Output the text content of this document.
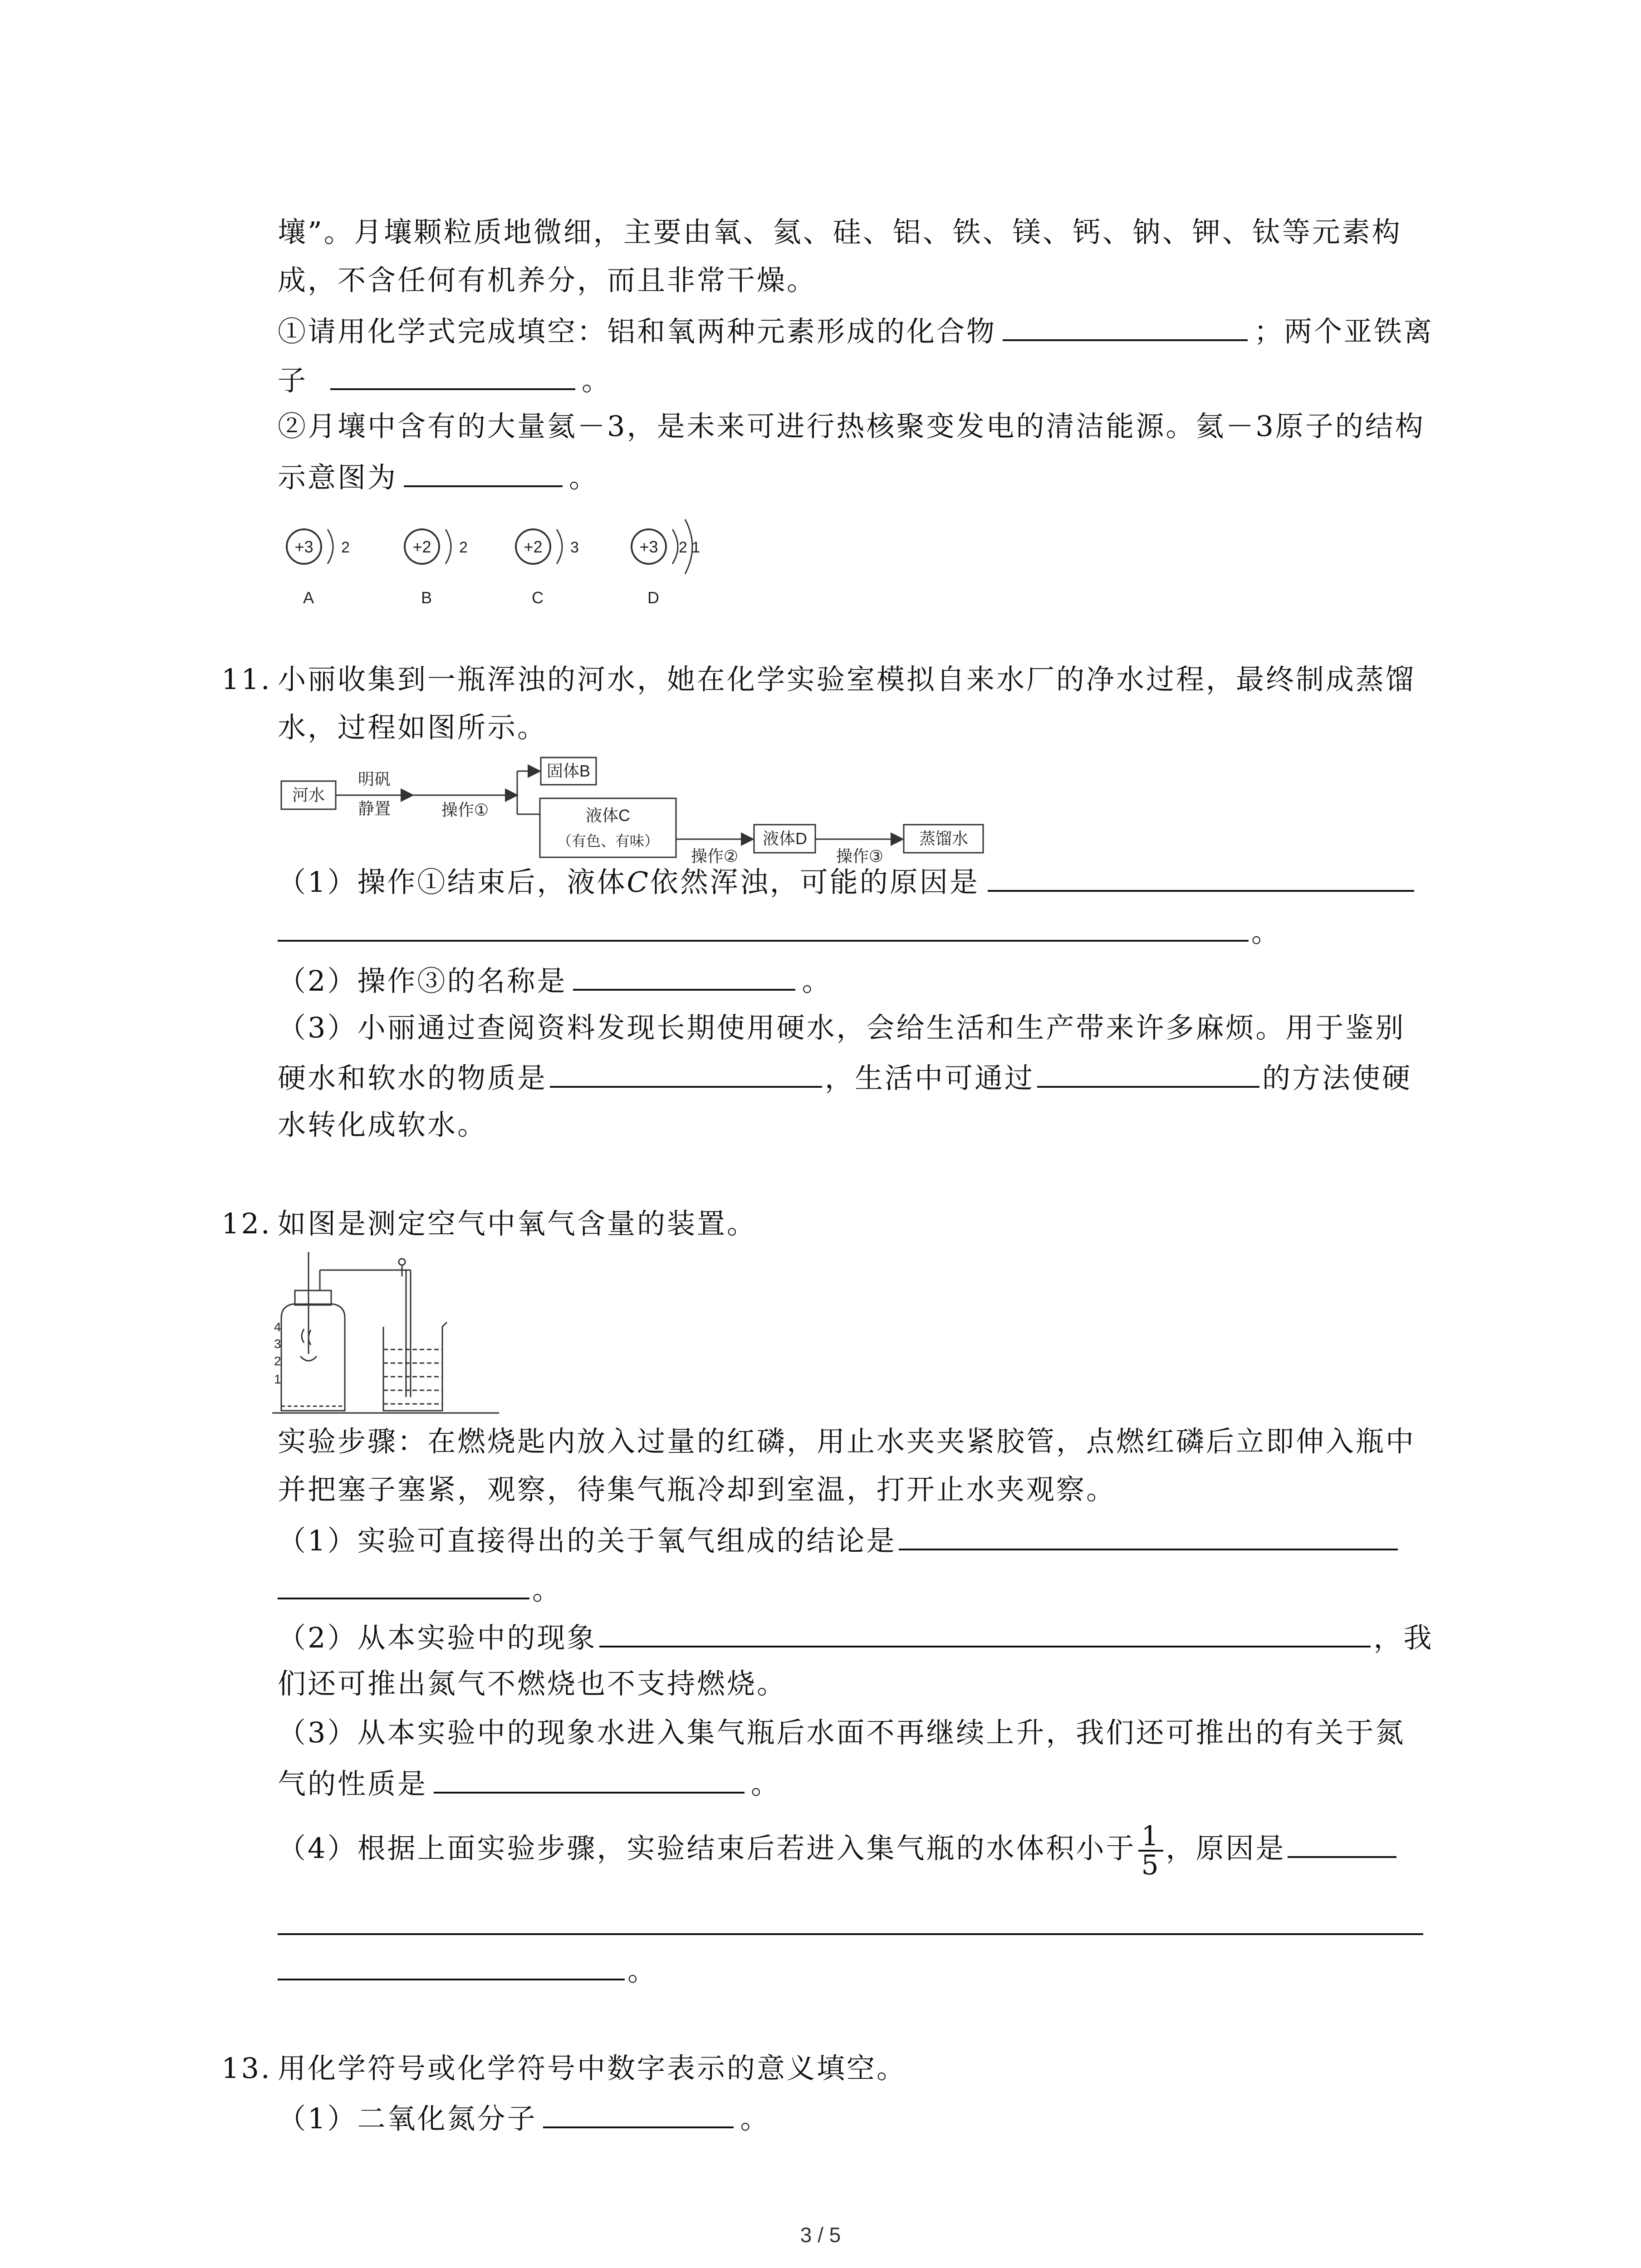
壤”。月壤颗粒质地微细，主要由氧、氦、硅、铝、铁、镁、钙、钠、钾、钛等元素构
成，不含任何有机养分，而且非常干燥。
①请用化学式完成填空：铝和氧两种元素形成的化合物	；两个亚铁离
子	。
②月壤中含有的大量氦－3，是未来可进行热核聚变发电的清洁能源。氦－3原子的结构
示意图为	。
+3 2
A
+2 2
B
+2 3
C
+3 2 1
D
11. 小丽收集到一瓶浑浊的河水，她在化学实验室模拟自来水厂的净水过程，最终制成蒸馏
水，过程如图所示。
河水
明矾
静置	操作①
固体B
液体C
（有色、有味）
操作②
液体D
操作③
蒸馏水
（1）操作①结束后，液体C依然浑浊，可能的原因是
。
（2）操作③的名称是	。
（3）小丽通过查阅资料发现长期使用硬水，会给生活和生产带来许多麻烦。用于鉴别
硬水和软水的物质是	，生活中可通过	的方法使硬
水转化成软水。
12. 如图是测定空气中氧气含量的装置。
4
3
2
1
实验步骤：在燃烧匙内放入过量的红磷，用止水夹夹紧胶管，点燃红磷后立即伸入瓶中
并把塞子塞紧，观察，待集气瓶冷却到室温，打开止水夹观察。
（1）实验可直接得出的关于氧气组成的结论是
。
（2）从本实验中的现象	，我
们还可推出氮气不燃烧也不支持燃烧。
（3）从本实验中的现象水进入集气瓶后水面不再继续上升，我们还可推出的有关于氮
气的性质是	。
（4）根据上面实验步骤，实验结束后若进入集气瓶的水体积小于 $\frac{1}{5}$ ，原因是
。
13. 用化学符号或化学符号中数字表示的意义填空。
（1）二氧化氮分子	。
3 / 5
